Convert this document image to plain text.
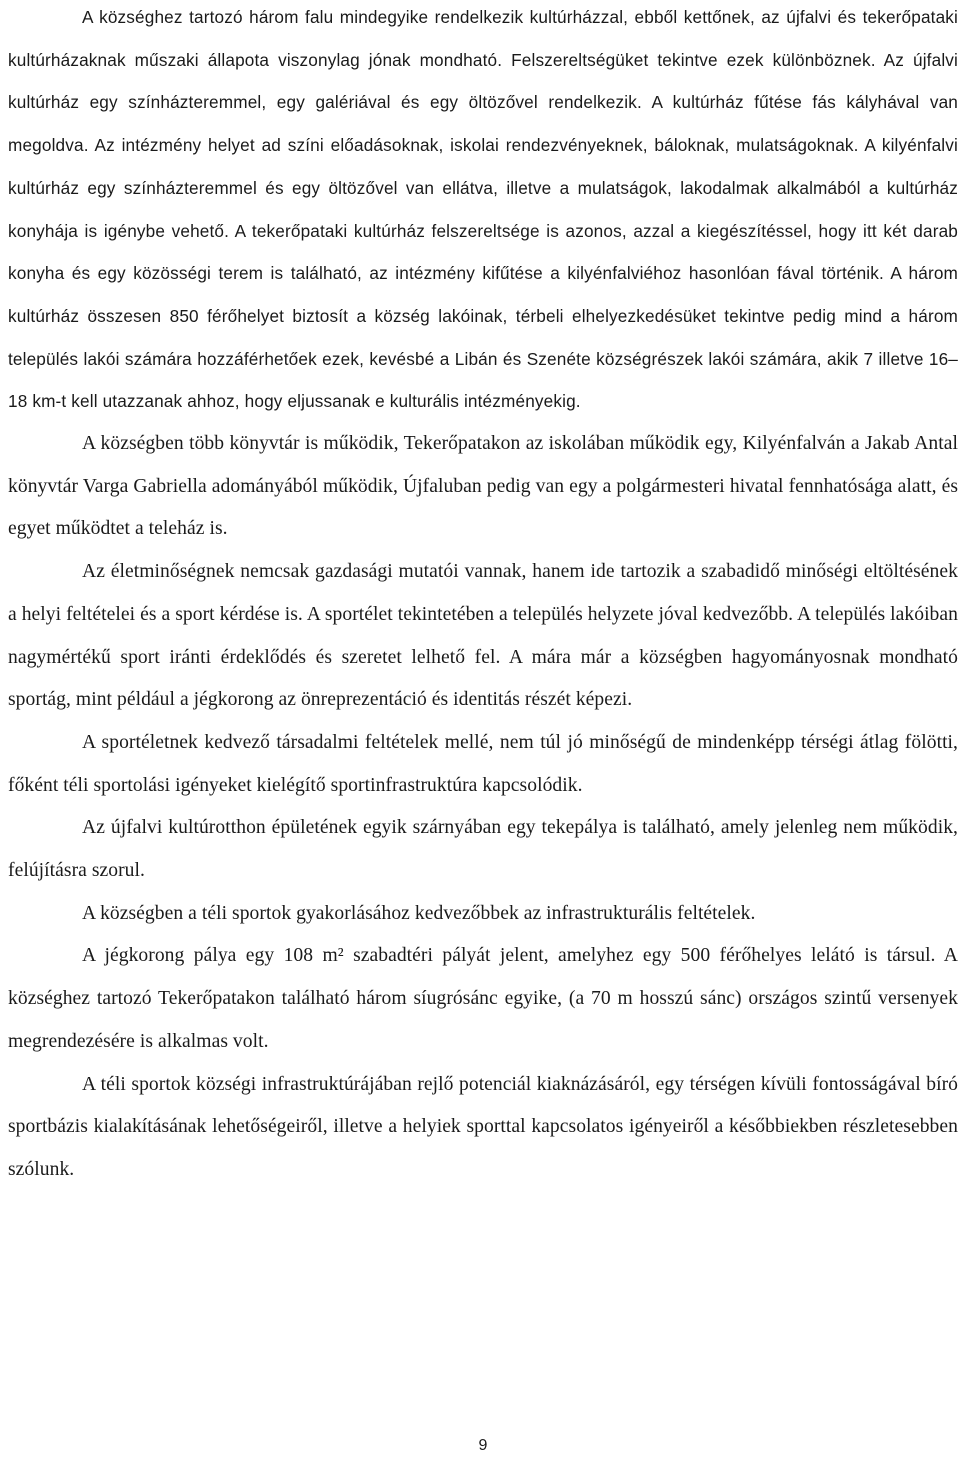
A községhez tartozó három falu mindegyike rendelkezik kultúrházzal, ebből kettőnek, az újfalvi és tekerőpataki kultúrházaknak műszaki állapota viszonylag jónak mondható. Felszereltségüket tekintve ezek különböznek. Az újfalvi kultúrház egy színházteremmel, egy galériával és egy öltözővel rendelkezik. A kultúrház fűtése fás kályhával van megoldva. Az intézmény helyet ad színi előadásoknak, iskolai rendezvényeknek, báloknak, mulatságoknak. A kilyénfalvi kultúrház egy színházteremmel és egy öltözővel van ellátva, illetve a mulatságok, lakodalmak alkalmából a kultúrház konyhája is igénybe vehető. A tekerőpataki kultúrház felszereltsége is azonos, azzal a kiegészítéssel, hogy itt két darab konyha és egy közösségi terem is található, az intézmény kifűtése a kilyénfalviéhoz hasonlóan fával történik. A három kultúrház összesen 850 férőhelyet biztosít a község lakóinak, térbeli elhelyezkedésüket tekintve pedig mind a három település lakói számára hozzáférhetőek ezek, kevésbé a Libán és Szenéte községrészek lakói számára, akik 7 illetve 16–18 km-t kell utazzanak ahhoz, hogy eljussanak e kulturális intézményekig.

A községben több könyvtár is működik, Tekerőpatakon az iskolában működik egy, Kilyénfalván a Jakab Antal könyvtár Varga Gabriella adományából működik, Újfaluban pedig van egy a polgármesteri hivatal fennhatósága alatt, és egyet működtet a teleház is.

Az életminőségnek nemcsak gazdasági mutatói vannak, hanem ide tartozik a szabadidő minőségi eltöltésének a helyi feltételei és a sport kérdése is. A sportélet tekintetében a település helyzete jóval kedvezőbb. A település lakóiban nagymértékű sport iránti érdeklődés és szeretet lelhető fel. A mára már a községben hagyományosnak mondható sportág, mint például a jégkorong az önreprezentáció és identitás részét képezi.

A sportéletnek kedvező társadalmi feltételek mellé, nem túl jó minőségű de mindenképp térségi átlag fölötti, főként téli sportolási igényeket kielégítő sportinfrastruktúra kapcsolódik.

Az újfalvi kultúrotthon épületének egyik szárnyában egy tekepálya is található, amely jelenleg nem működik, felújításra szorul.

A községben a téli sportok gyakorlásához kedvezőbbek az infrastrukturális feltételek.

A jégkorong pálya egy 108 m² szabadtéri pályát jelent, amelyhez egy 500 férőhelyes lelátó is társul. A községhez tartozó Tekerőpatakon található három síugrósánc egyike, (a 70 m hosszú sánc) országos szintű versenyek megrendezésére is alkalmas volt.

A téli sportok községi infrastruktúrájában rejlő potenciál kiaknázásáról, egy térségen kívüli fontosságával bíró sportbázis kialakításának lehetőségeiről, illetve a helyiek sporttal kapcsolatos igényeiről a későbbiekben részletesebben szólunk.

9
